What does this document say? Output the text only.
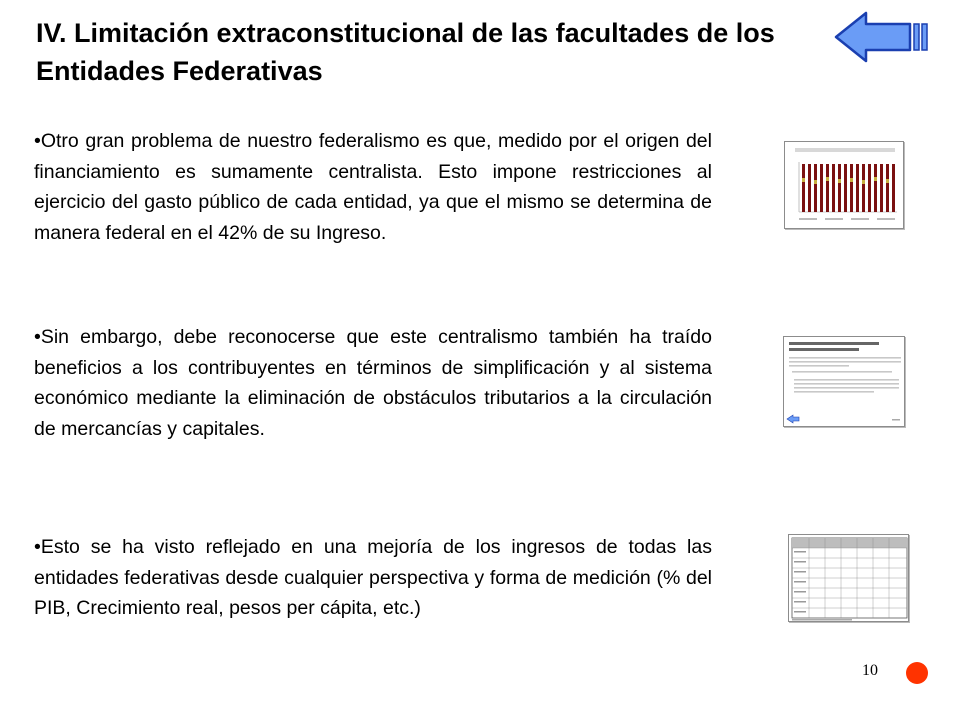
IV. Limitación extraconstitucional de las facultades de los Entidades Federativas
•Otro gran problema de nuestro federalismo es que, medido por el origen del financiamiento es sumamente centralista. Esto impone restricciones al ejercicio del gasto público de cada entidad, ya que el mismo se determina de manera federal en el 42% de su Ingreso.
•Sin embargo, debe reconocerse que este centralismo también ha traído beneficios a los contribuyentes en términos de simplificación y al sistema económico mediante la eliminación de obstáculos tributarios a la circulación de mercancías y capitales.
•Esto se ha visto reflejado en una mejoría de los ingresos de todas las entidades federativas desde cualquier perspectiva y forma de medición (% del PIB, Crecimiento real, pesos per cápita, etc.)
10
